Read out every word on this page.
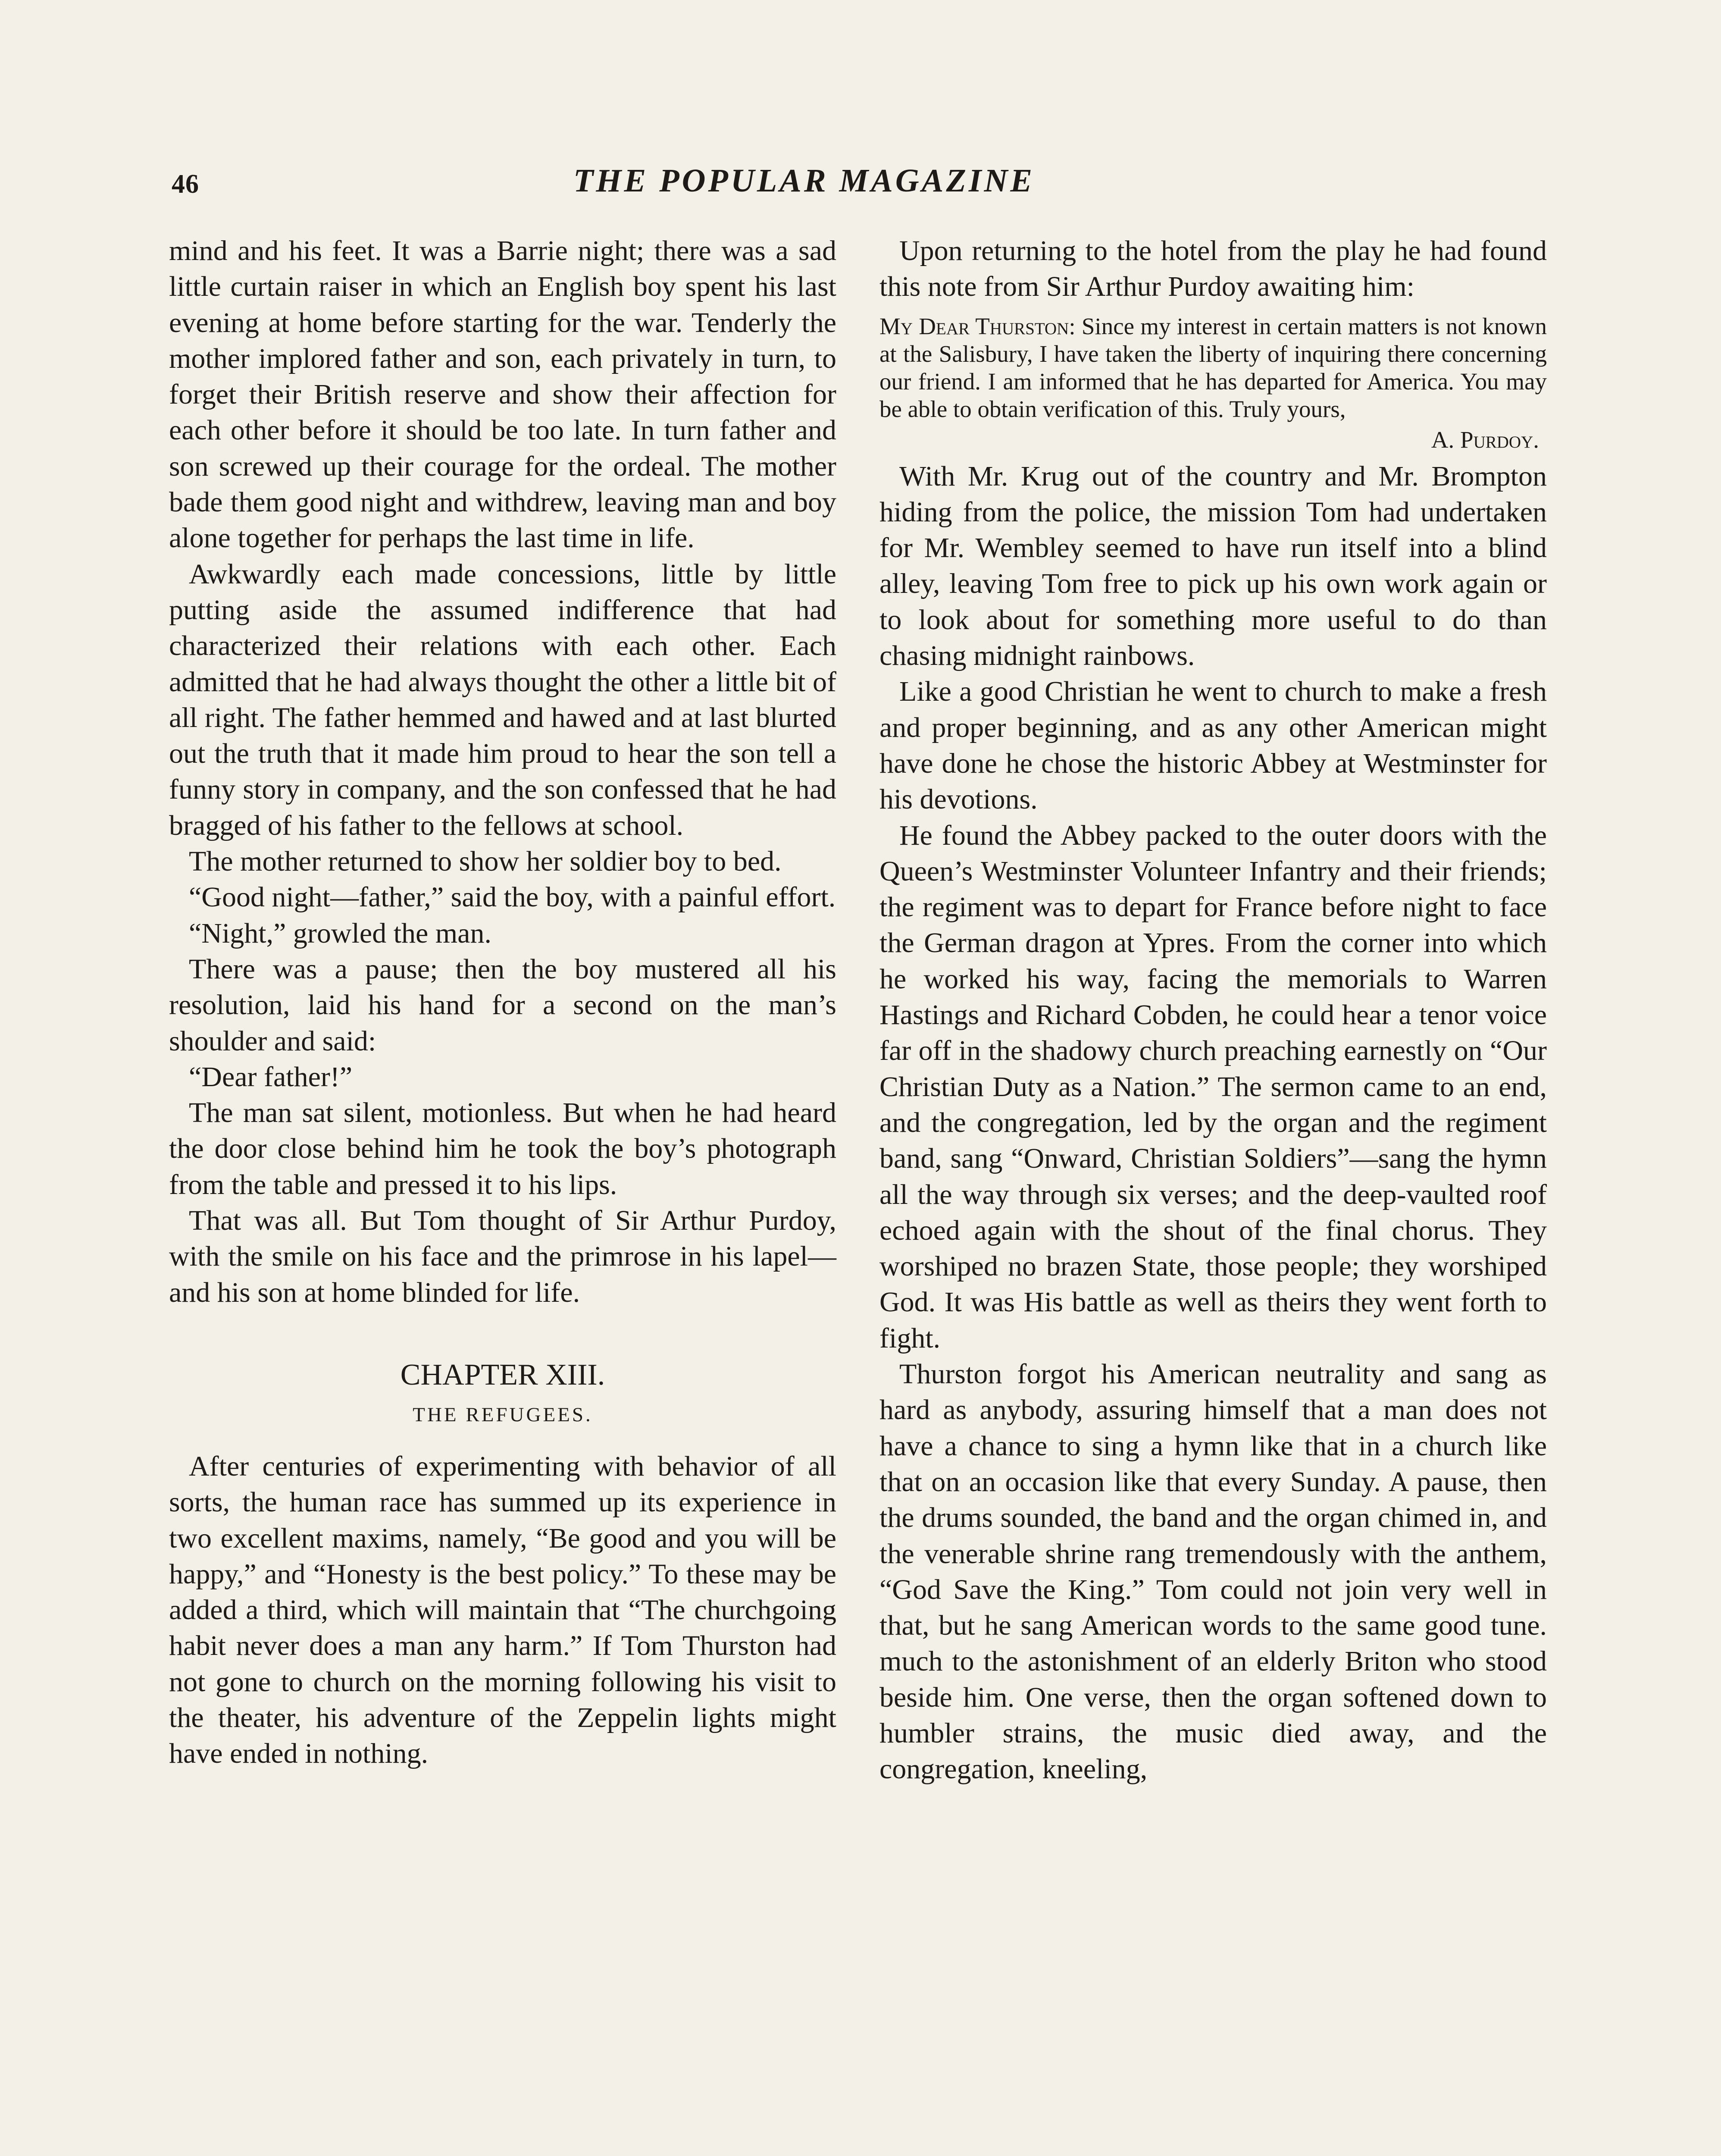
46	THE POPULAR MAGAZINE

mind and his feet. It was a Barrie night; there was a sad little curtain raiser in which an English boy spent his last evening at home before starting for the war. Tenderly the mother implored father and son, each privately in turn, to forget their British reserve and show their affection for each other before it should be too late. In turn father and son screwed up their courage for the ordeal. The mother bade them good night and withdrew, leaving man and boy alone together for perhaps the last time in life.

Awkwardly each made concessions, little by little putting aside the assumed indifference that had characterized their relations with each other. Each admitted that he had always thought the other a little bit of all right. The father hemmed and hawed and at last blurted out the truth that it made him proud to hear the son tell a funny story in company, and the son confessed that he had bragged of his father to the fellows at school.

The mother returned to show her soldier boy to bed.

“Good night—father,” said the boy, with a painful effort.

“Night,” growled the man.

There was a pause; then the boy mustered all his resolution, laid his hand for a second on the man’s shoulder and said:

“Dear father!”

The man sat silent, motionless. But when he had heard the door close behind him he took the boy’s photograph from the table and pressed it to his lips.

That was all. But Tom thought of Sir Arthur Purdoy, with the smile on his face and the primrose in his lapel—and his son at home blinded for life.

CHAPTER XIII.
THE REFUGEES.

After centuries of experimenting with behavior of all sorts, the human race has summed up its experience in two excellent maxims, namely, “Be good and you will be happy,” and “Honesty is the best policy.” To these may be added a third, which will maintain that “The churchgoing habit never does a man any harm.” If Tom Thurston had not gone to church on the morning following his visit to the theater, his adventure of the Zeppelin lights might have ended in nothing.

Upon returning to the hotel from the play he had found this note from Sir Arthur Purdoy awaiting him:

My Dear Thurston: Since my interest in certain matters is not known at the Salisbury, I have taken the liberty of inquiring there concerning our friend. I am informed that he has departed for America. You may be able to obtain verification of this. Truly yours,
A. Purdoy.

With Mr. Krug out of the country and Mr. Brompton hiding from the police, the mission Tom had undertaken for Mr. Wembley seemed to have run itself into a blind alley, leaving Tom free to pick up his own work again or to look about for something more useful to do than chasing midnight rainbows.

Like a good Christian he went to church to make a fresh and proper beginning, and as any other American might have done he chose the historic Abbey at Westminster for his devotions.

He found the Abbey packed to the outer doors with the Queen’s Westminster Volunteer Infantry and their friends; the regiment was to depart for France before night to face the German dragon at Ypres. From the corner into which he worked his way, facing the memorials to Warren Hastings and Richard Cobden, he could hear a tenor voice far off in the shadowy church preaching earnestly on “Our Christian Duty as a Nation.” The sermon came to an end, and the congregation, led by the organ and the regiment band, sang “Onward, Christian Soldiers”—sang the hymn all the way through six verses; and the deep-vaulted roof echoed again with the shout of the final chorus. They worshiped no brazen State, those people; they worshiped God. It was His battle as well as theirs they went forth to fight.

Thurston forgot his American neutrality and sang as hard as anybody, assuring himself that a man does not have a chance to sing a hymn like that in a church like that on an occasion like that every Sunday. A pause, then the drums sounded, the band and the organ chimed in, and the venerable shrine rang tremendously with the anthem, “God Save the King.” Tom could not join very well in that, but he sang American words to the same good tune. much to the astonishment of an elderly Briton who stood beside him. One verse, then the organ softened down to humbler strains, the music died away, and the congregation, kneeling,
